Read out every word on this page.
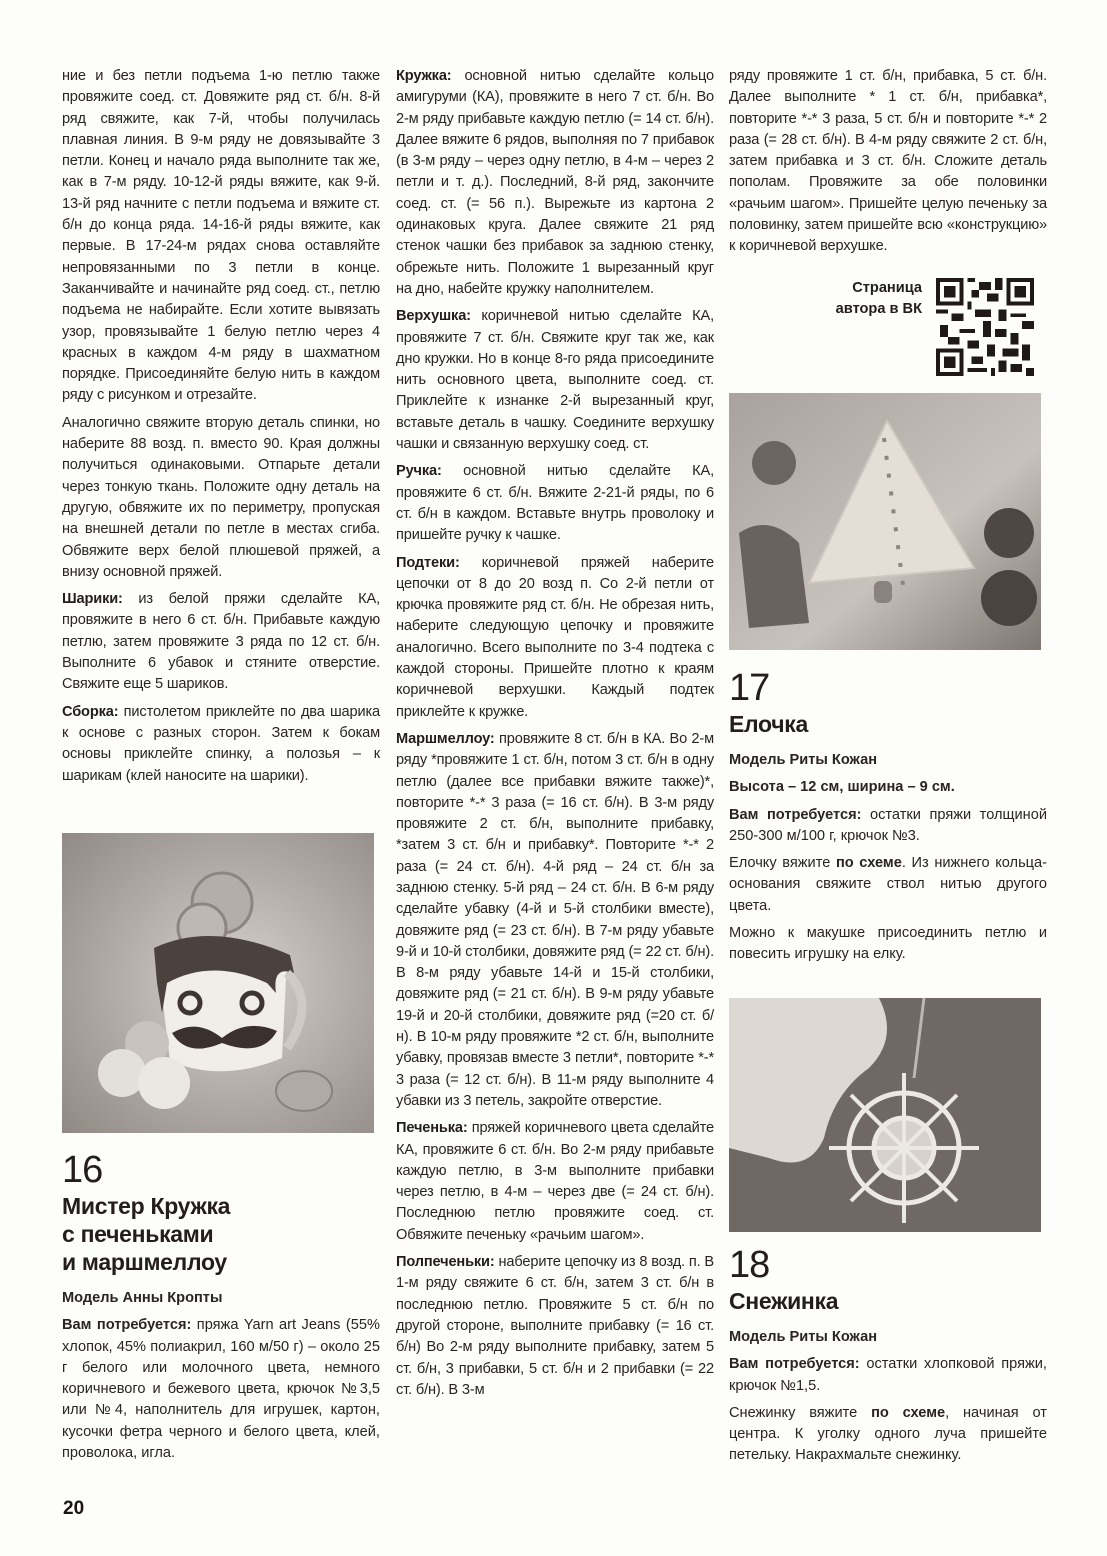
ние и без петли подъема 1-ю петлю также провяжите соед. ст. Довяжите ряд ст. б/н. 8-й ряд свяжите, как 7-й, чтобы получилась плавная линия. В 9-м ряду не довязывайте 3 петли. Конец и начало ряда выполните так же, как в 7-м ряду. 10-12-й ряды вяжите, как 9-й. 13-й ряд начните с петли подъема и вяжите ст. б/н до конца ряда. 14-16-й ряды вяжите, как первые. В 17-24-м рядах снова оставляйте непровязанными по 3 петли в конце. Заканчивайте и начинайте ряд соед. ст., петлю подъема не набирайте. Если хотите вывязать узор, провязывайте 1 белую петлю через 4 красных в каждом 4-м ряду в шахматном порядке. Присоединяйте белую нить в каждом ряду с рисунком и отрезайте.

Аналогично свяжите вторую деталь спинки, но наберите 88 возд. п. вместо 90. Края должны получиться одинаковыми. Отпарьте детали через тонкую ткань. Положите одну деталь на другую, обвяжите их по периметру, пропуская на внешней детали по петле в местах сгиба. Обвяжите верх белой плюшевой пряжей, а внизу основной пряжей.

Шарики: из белой пряжи сделайте КА, провяжите в него 6 ст. б/н. Прибавьте каждую петлю, затем провяжите 3 ряда по 12 ст. б/н. Выполните 6 убавок и стяните отверстие. Свяжите еще 5 шариков.

Сборка: пистолетом приклейте по два шарика к основе с разных сторон. Затем к бокам основы приклейте спинку, а полозья – к шарикам (клей наносите на шарики).

16
Мистер Кружка
с печеньками
и маршмеллоу
Модель Анны Кропты

Вам потребуется: пряжа Yarn art Jeans (55% хлопок, 45% полиакрил, 160 м/50 г) – около 25 г белого или молочного цвета, немного коричневого и бежевого цвета, крючок №3,5 или №4, наполнитель для игрушек, картон, кусочки фетра черного и белого цвета, клей, проволока, игла.

Кружка: основной нитью сделайте кольцо амигуруми (КА), провяжите в него 7 ст. б/н. Во 2-м ряду прибавьте каждую петлю (= 14 ст. б/н). Далее вяжите 6 рядов, выполняя по 7 прибавок (в 3-м ряду – через одну петлю, в 4-м – через 2 петли и т. д.). Последний, 8-й ряд, закончите соед. ст. (= 56 п.). Вырежьте из картона 2 одинаковых круга. Далее свяжите 21 ряд стенок чашки без прибавок за заднюю стенку, обрежьте нить. Положите 1 вырезанный круг на дно, набейте кружку наполнителем.

Верхушка: коричневой нитью сделайте КА, провяжите 7 ст. б/н. Свяжите круг так же, как дно кружки. Но в конце 8-го ряда присоедините нить основного цвета, выполните соед. ст. Приклейте к изнанке 2-й вырезанный круг, вставьте деталь в чашку. Соедините верхушку чашки и связанную верхушку соед. ст.

Ручка: основной нитью сделайте КА, провяжите 6 ст. б/н. Вяжите 2-21-й ряды, по 6 ст. б/н в каждом. Вставьте внутрь проволоку и пришейте ручку к чашке.

Подтеки: коричневой пряжей наберите цепочки от 8 до 20 возд п. Со 2-й петли от крючка провяжите ряд ст. б/н. Не обрезая нить, наберите следующую цепочку и провяжите аналогично. Всего выполните по 3-4 подтека с каждой стороны. Пришейте плотно к краям коричневой верхушки. Каждый подтек приклейте к кружке.

Маршмеллоу: провяжите 8 ст. б/н в КА. Во 2-м ряду *провяжите 1 ст. б/н, потом 3 ст. б/н в одну петлю (далее все прибавки вяжите также)*, повторите *-* 3 раза (= 16 ст. б/н). В 3-м ряду провяжите 2 ст. б/н, выполните прибавку, *затем 3 ст. б/н и прибавку*. Повторите *-* 2 раза (= 24 ст. б/н). 4-й ряд – 24 ст. б/н за заднюю стенку. 5-й ряд – 24 ст. б/н. В 6-м ряду сделайте убавку (4-й и 5-й столбики вместе), довяжите ряд (= 23 ст. б/н). В 7-м ряду убавьте 9-й и 10-й столбики, довяжите ряд (= 22 ст. б/н). В 8-м ряду убавьте 14-й и 15-й столбики, довяжите ряд (= 21 ст. б/н). В 9-м ряду убавьте 19-й и 20-й столбики, довяжите ряд (=20 ст. б/н). В 10-м ряду провяжите *2 ст. б/н, выполните убавку, провязав вместе 3 петли*, повторите *-* 3 раза (= 12 ст. б/н). В 11-м ряду выполните 4 убавки из 3 петель, закройте отверстие.

Печенька: пряжей коричневого цвета сделайте КА, провяжите 6 ст. б/н. Во 2-м ряду прибавьте каждую петлю, в 3-м выполните прибавки через петлю, в 4-м – через две (= 24 ст. б/н). Последнюю петлю провяжите соед. ст. Обвяжите печеньку «рачьим шагом».

Полпеченьки: наберите цепочку из 8 возд. п. В 1-м ряду свяжите 6 ст. б/н, затем 3 ст. б/н в последнюю петлю. Провяжите 5 ст. б/н по другой стороне, выполните прибавку (= 16 ст. б/н) Во 2-м ряду выполните прибавку, затем 5 ст. б/н, 3 прибавки, 5 ст. б/н и 2 прибавки (= 22 ст. б/н). В 3-м

ряду провяжите 1 ст. б/н, прибавка, 5 ст. б/н. Далее выполните * 1 ст. б/н, прибавка*, повторите *-* 3 раза, 5 ст. б/н и повторите *-* 2 раза (= 28 ст. б/н). В 4-м ряду свяжите 2 ст. б/н, затем прибавка и 3 ст. б/н. Сложите деталь пополам. Провяжите за обе половинки «рачьим шагом». Пришейте целую печеньку за половинку, затем пришейте всю «конструкцию» к коричневой верхушке.

Страница
автора в ВК
17
Елочка
Модель Риты Кожан
Высота – 12 см, ширина – 9 см.

Вам потребуется: остатки пряжи толщиной 250-300 м/100 г, крючок №3.

Елочку вяжите по схеме. Из нижнего кольца-основания свяжите ствол нитью другого цвета.

Можно к макушке присоединить петлю и повесить игрушку на елку.

18
Снежинка
Модель Риты Кожан

Вам потребуется: остатки хлопковой пряжи, крючок №1,5.

Снежинку вяжите по схеме, начиная от центра. К уголку одного луча пришейте петельку. Накрахмальте снежинку.

20
